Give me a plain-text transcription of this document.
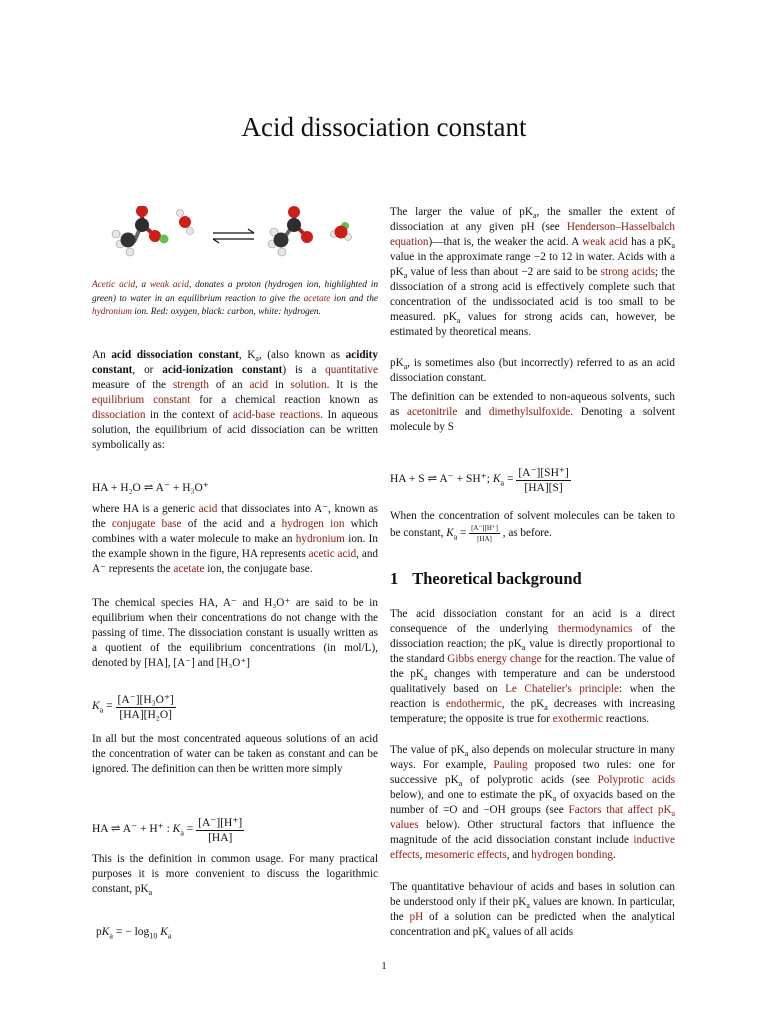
Acid dissociation constant
Acetic acid, a weak acid, donates a proton (hydrogen ion, highlighted in green) to water in an equilibrium reaction to give the acetate ion and the hydronium ion. Red: oxygen, black: carbon, white: hydrogen.

An acid dissociation constant, $K_a$, (also known as acidity constant, or acid-ionization constant) is a quantitative measure of the strength of an acid in solution. It is the equilibrium constant for a chemical reaction known as dissociation in the context of acid-base reactions. In aqueous solution, the equilibrium of acid dissociation can be written symbolically as:

HA + H₂O ⇌ A⁻ + H₃O⁺

where HA is a generic acid that dissociates into A⁻, known as the conjugate base of the acid and a hydrogen ion which combines with a water molecule to make an hydronium ion. In the example shown in the figure, HA represents acetic acid, and A⁻ represents the acetate ion, the conjugate base.

The chemical species HA, A⁻ and H₃O⁺ are said to be in equilibrium when their concentrations do not change with the passing of time. The dissociation constant is usually written as a quotient of the equilibrium concentrations (in mol/L), denoted by [HA], [A⁻] and [H₃O⁺]

$K_a = \frac{\text{[A⁻][H₃O⁺]}}{\text{[HA][H₂O]}}$

In all but the most concentrated aqueous solutions of an acid the concentration of water can be taken as constant and can be ignored. The definition can then be written more simply

HA ⇌ A⁻ + H⁺ : $K_a = \frac{[A^-][H^+]}{[HA]}$

This is the definition in common usage. For many practical purposes it is more convenient to discuss the logarithmic constant, $pK_a$

$pK_a$ = − $\log_{10} K_a$

The larger the value of $pK_a$, the smaller the extent of dissociation at any given pH (see Henderson–Hasselbalch equation)—that is, the weaker the acid. A weak acid has a $pK_a$ value in the approximate range −2 to 12 in water. Acids with a $pK_a$ value of less than about −2 are said to be strong acids; the dissociation of a strong acid is effectively complete such that concentration of the undissociated acid is too small to be measured. $pK_a$ values for strong acids can, however, be estimated by theoretical means.

$pK_a$, is sometimes also (but incorrectly) referred to as an acid dissociation constant.

The definition can be extended to non-aqueous solvents, such as acetonitrile and dimethylsulfoxide. Denoting a solvent molecule by S

HA + S ⇌ A⁻ + SH⁺; $K_a = \frac{[A^-][SH^+]}{[HA][S]}$

When the concentration of solvent molecules can be taken to be constant, $K_a = \frac{[A^-][H^+]}{[HA]}$ , as before.

1 Theoretical background

The acid dissociation constant for an acid is a direct consequence of the underlying thermodynamics of the dissociation reaction; the $pK_a$ value is directly proportional to the standard Gibbs energy change for the reaction. The value of the $pK_a$ changes with temperature and can be understood qualitatively based on Le Chatelier's principle: when the reaction is endothermic, the $pK_a$ decreases with increasing temperature; the opposite is true for exothermic reactions.

The value of $pK_a$ also depends on molecular structure in many ways. For example, Pauling proposed two rules: one for successive $pK_a$ of polyprotic acids (see Polyprotic acids below), and one to estimate the $pK_a$ of oxyacids based on the number of =O and −OH groups (see Factors that affect $pK_a$ values below). Other structural factors that influence the magnitude of the acid dissociation constant include inductive effects, mesomeric effects, and hydrogen bonding.

The quantitative behaviour of acids and bases in solution can be understood only if their $pK_a$ values are known. In particular, the pH of a solution can be predicted when the analytical concentration and $pK_a$ values of all acids

1
